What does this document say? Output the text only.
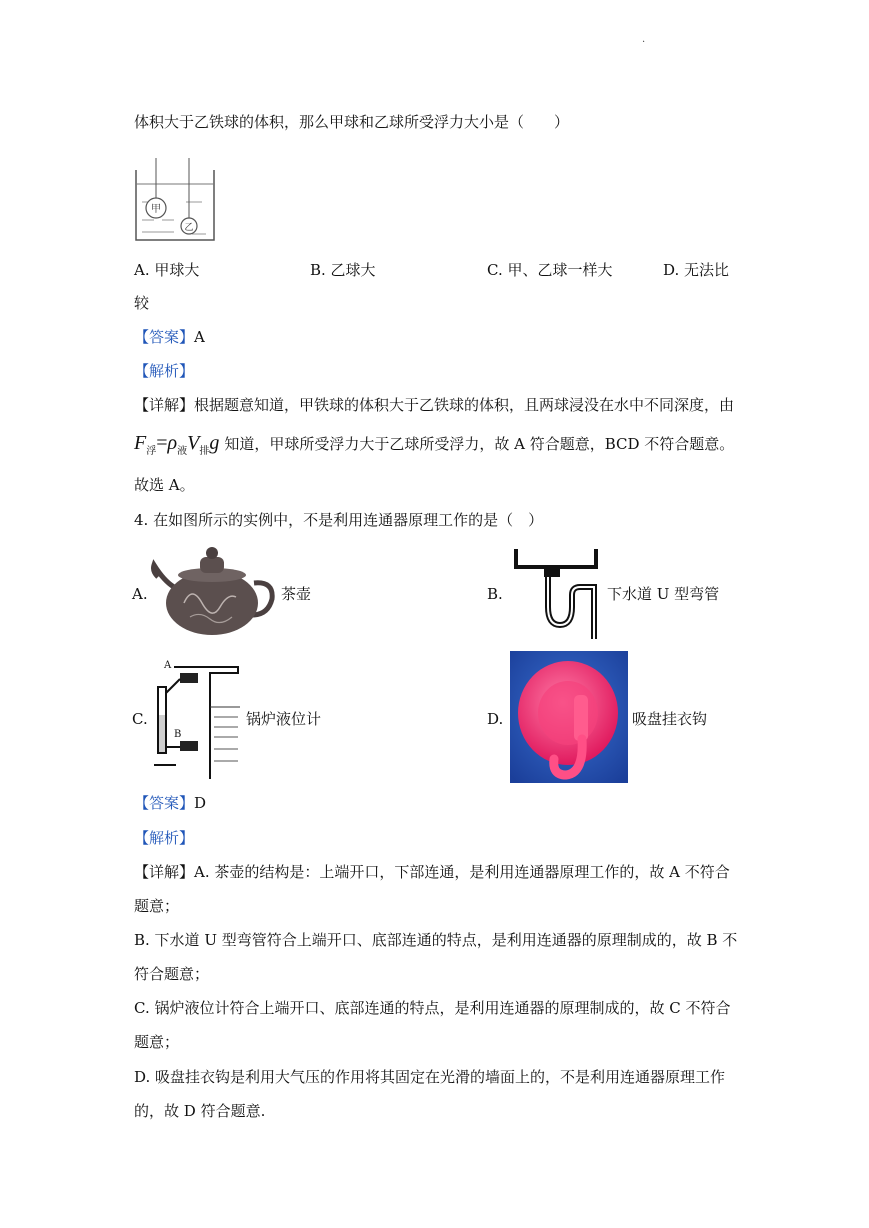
.
体积大于乙铁球的体积，那么甲球和乙球所受浮力大小是（　　）
甲
乙
A. 甲球大	B. 乙球大	C. 甲、乙球一样大	D. 无法比
较
【答案】A
【解析】
【详解】根据题意知道，甲铁球的体积大于乙铁球的体积，且两球浸没在水中不同深度，由
$F_浮=\rho_液V_排g$ 知道，甲球所受浮力大于乙球所受浮力，故 A 符合题意，BCD 不符合题意。
故选 A。
4. 在如图所示的实例中，不是利用连通器原理工作的是（　）
A.	茶壶	B.	下水道 U 型弯管
C.
A
B
锅炉液位计	D.	吸盘挂衣钩
【答案】D
【解析】
【详解】A. 茶壶的结构是：上端开口，下部连通，是利用连通器原理工作的，故 A 不符合
题意；
B. 下水道 U 型弯管符合上端开口、底部连通的特点，是利用连通器的原理制成的，故 B 不
符合题意；
C. 锅炉液位计符合上端开口、底部连通的特点，是利用连通器的原理制成的，故 C 不符合
题意；
D. 吸盘挂衣钩是利用大气压的作用将其固定在光滑的墙面上的，不是利用连通器原理工作
的，故 D 符合题意.
